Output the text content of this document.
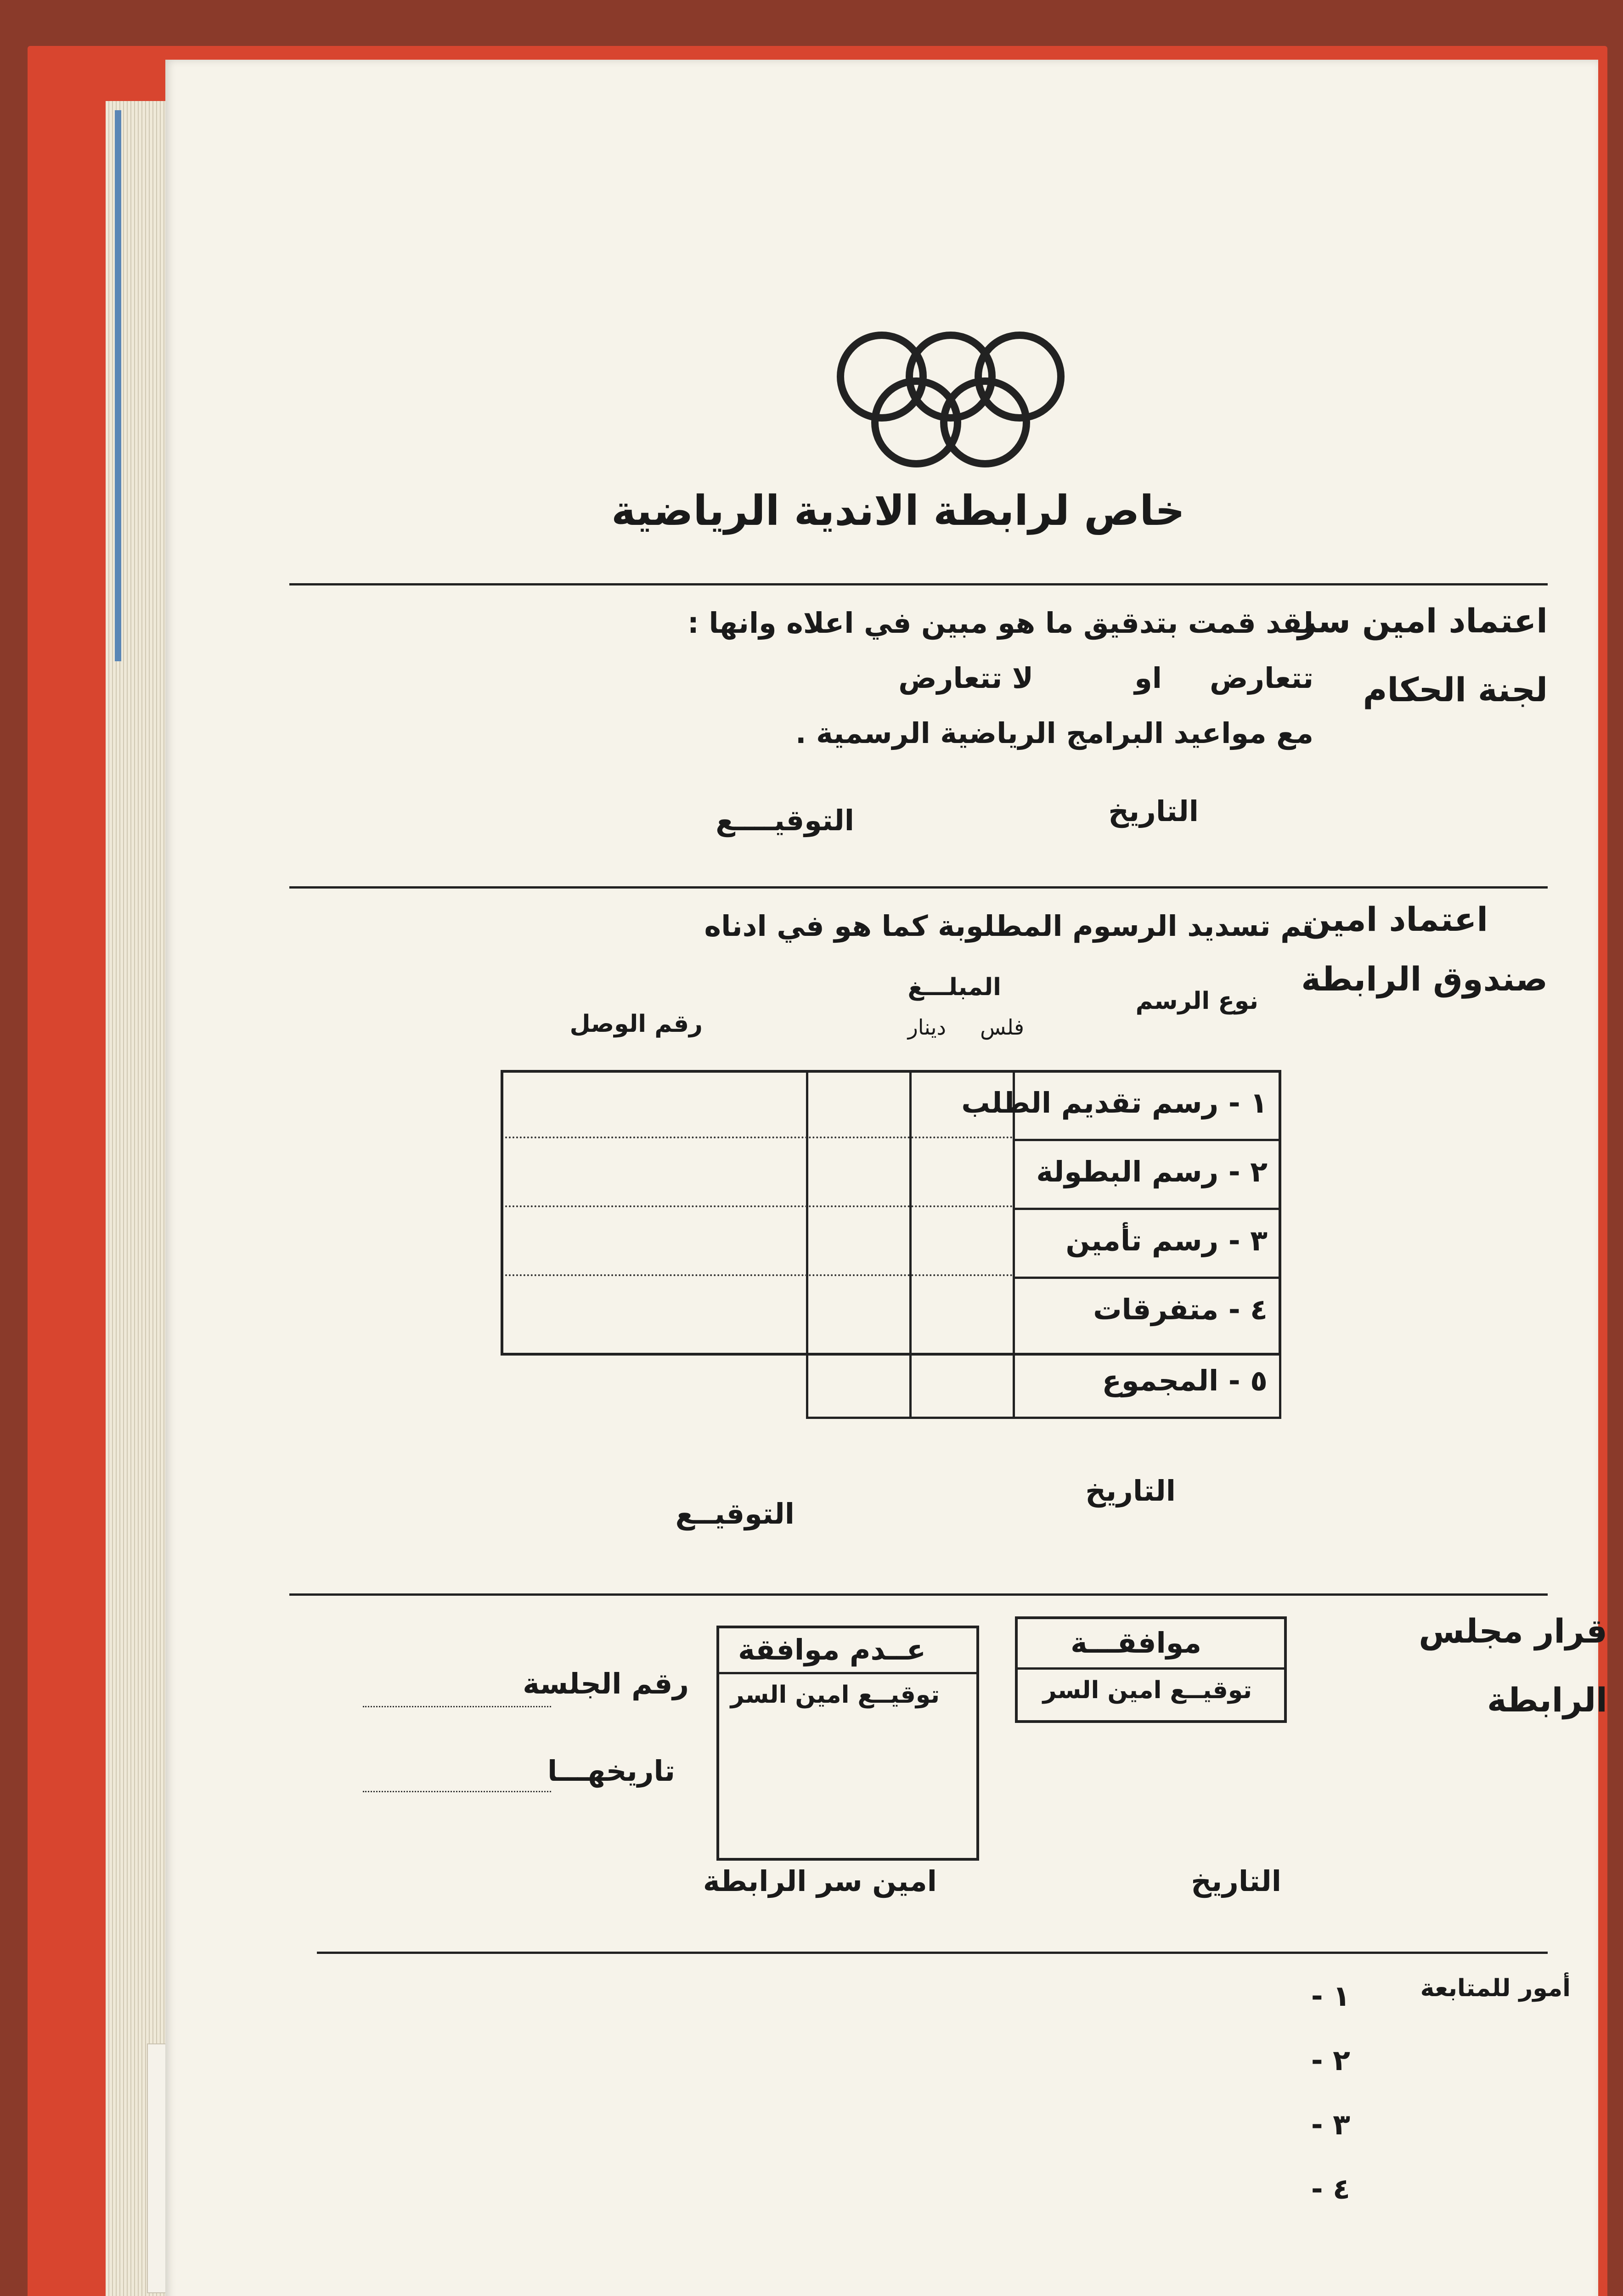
خاص لرابطة الاندية الرياضية
اعتماد امين سر
لجنة الحكام
لقد قمت بتدقيق ما هو مبين في اعلاه وانها :
تتعارض
او
لا تتعارض
مع مواعيد البرامج الرياضية الرسمية .
التاريخ
التوقيــــع
اعتماد امين
صندوق الرابطة
تم تسديد الرسوم المطلوبة كما هو في ادناه
نوع الرسم
المبلـــغ
فلس
دينار
رقم الوصل
١ - رسم تقديم الطلب
٢ - رسم البطولة
٣ - رسم تأمين
٤ - متفرقات
٥ - المجموع
التاريخ
التوقيــع
قرار مجلس
الرابطة
موافقـــة
توقيــع امين السر
عــدم موافقة
توقيــع امين السر
رقم الجلسة
تاريخهـــا
التاريخ
امين سر الرابطة
أمور للمتابعة
١ -
٢ -
٣ -
٤ -
